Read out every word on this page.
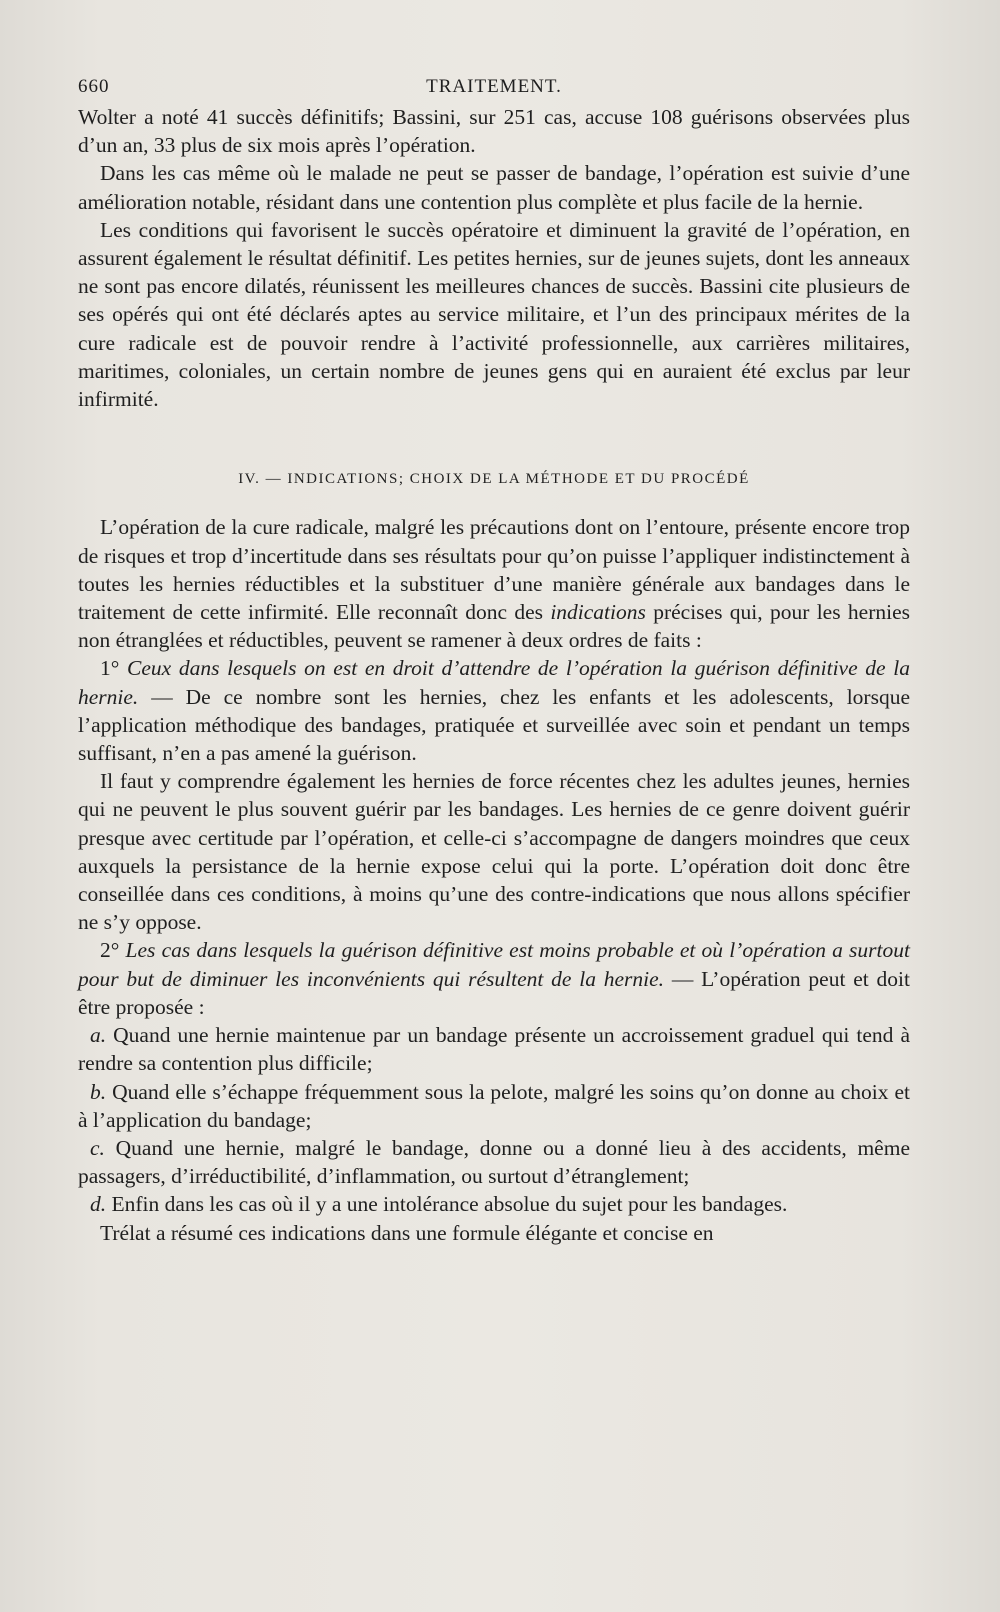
660	TRAITEMENT.

Wolter a noté 41 succès définitifs; Bassini, sur 251 cas, accuse 108 guérisons observées plus d’un an, 33 plus de six mois après l’opération.

Dans les cas même où le malade ne peut se passer de bandage, l’opération est suivie d’une amélioration notable, résidant dans une contention plus complète et plus facile de la hernie.

Les conditions qui favorisent le succès opératoire et diminuent la gravité de l’opération, en assurent également le résultat définitif. Les petites hernies, sur de jeunes sujets, dont les anneaux ne sont pas encore dilatés, réunissent les meilleures chances de succès. Bassini cite plusieurs de ses opérés qui ont été déclarés aptes au service militaire, et l’un des principaux mérites de la cure radicale est de pouvoir rendre à l’activité professionnelle, aux carrières militaires, maritimes, coloniales, un certain nombre de jeunes gens qui en auraient été exclus par leur infirmité.

IV. — INDICATIONS; CHOIX DE LA MÉTHODE ET DU PROCÉDÉ

L’opération de la cure radicale, malgré les précautions dont on l’entoure, présente encore trop de risques et trop d’incertitude dans ses résultats pour qu’on puisse l’appliquer indistinctement à toutes les hernies réductibles et la substituer d’une manière générale aux bandages dans le traitement de cette infirmité. Elle reconnaît donc des indications précises qui, pour les hernies non étranglées et réductibles, peuvent se ramener à deux ordres de faits :

1° Ceux dans lesquels on est en droit d’attendre de l’opération la guérison définitive de la hernie. — De ce nombre sont les hernies, chez les enfants et les adolescents, lorsque l’application méthodique des bandages, pratiquée et surveillée avec soin et pendant un temps suffisant, n’en a pas amené la guérison.

Il faut y comprendre également les hernies de force récentes chez les adultes jeunes, hernies qui ne peuvent le plus souvent guérir par les bandages. Les hernies de ce genre doivent guérir presque avec certitude par l’opération, et celle-ci s’accompagne de dangers moindres que ceux auxquels la persistance de la hernie expose celui qui la porte. L’opération doit donc être conseillée dans ces conditions, à moins qu’une des contre-indications que nous allons spécifier ne s’y oppose.

2° Les cas dans lesquels la guérison définitive est moins probable et où l’opération a surtout pour but de diminuer les inconvénients qui résultent de la hernie. — L’opération peut et doit être proposée :

a. Quand une hernie maintenue par un bandage présente un accroissement graduel qui tend à rendre sa contention plus difficile;

b. Quand elle s’échappe fréquemment sous la pelote, malgré les soins qu’on donne au choix et à l’application du bandage;

c. Quand une hernie, malgré le bandage, donne ou a donné lieu à des accidents, même passagers, d’irréductibilité, d’inflammation, ou surtout d’étranglement;

d. Enfin dans les cas où il y a une intolérance absolue du sujet pour les bandages.

Trélat a résumé ces indications dans une formule élégante et concise en
